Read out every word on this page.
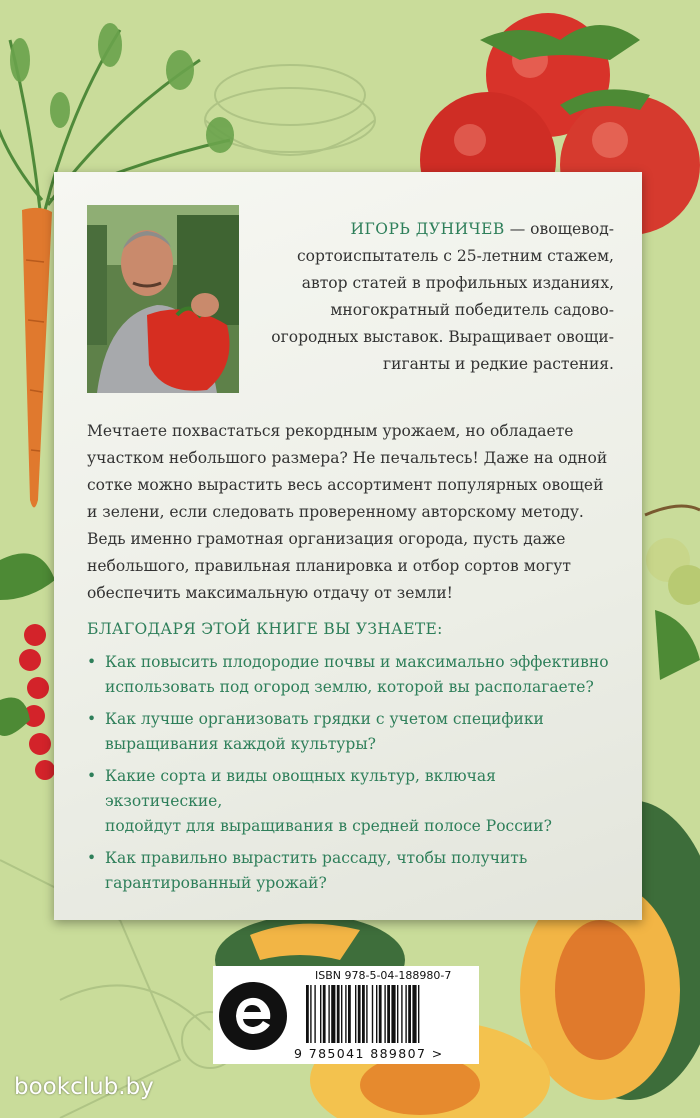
ИГОРЬ ДУНИЧЕВ — овощевод-
сортоиспытатель с 25-летним стажем,
автор статей в профильных изданиях,
многократный победитель садово-
огородных выставок. Выращивает овощи-
гиганты и редкие растения.
Мечтаете похвастаться рекордным урожаем, но обладаете
участком небольшого размера? Не печальтесь! Даже на одной
сотке можно вырастить весь ассортимент популярных овощей
и зелени, если следовать проверенному авторскому методу.
Ведь именно грамотная организация огорода, пусть даже
небольшого, правильная планировка и отбор сортов могут
обеспечить максимальную отдачу от земли!
БЛАГОДАРЯ ЭТОЙ КНИГЕ ВЫ УЗНАЕТЕ:
• Как повысить плодородие почвы и максимально эффективно
использовать под огород землю, которой вы располагаете?
• Как лучше организовать грядки с учетом специфики
выращивания каждой культуры?
• Какие сорта и виды овощных культур, включая экзотические,
подойдут для выращивания в средней полосе России?
• Как правильно вырастить рассаду, чтобы получить
гарантированный урожай?
ISBN 978-5-04-188980-7
9 785041 889807 >
bookclub.by
